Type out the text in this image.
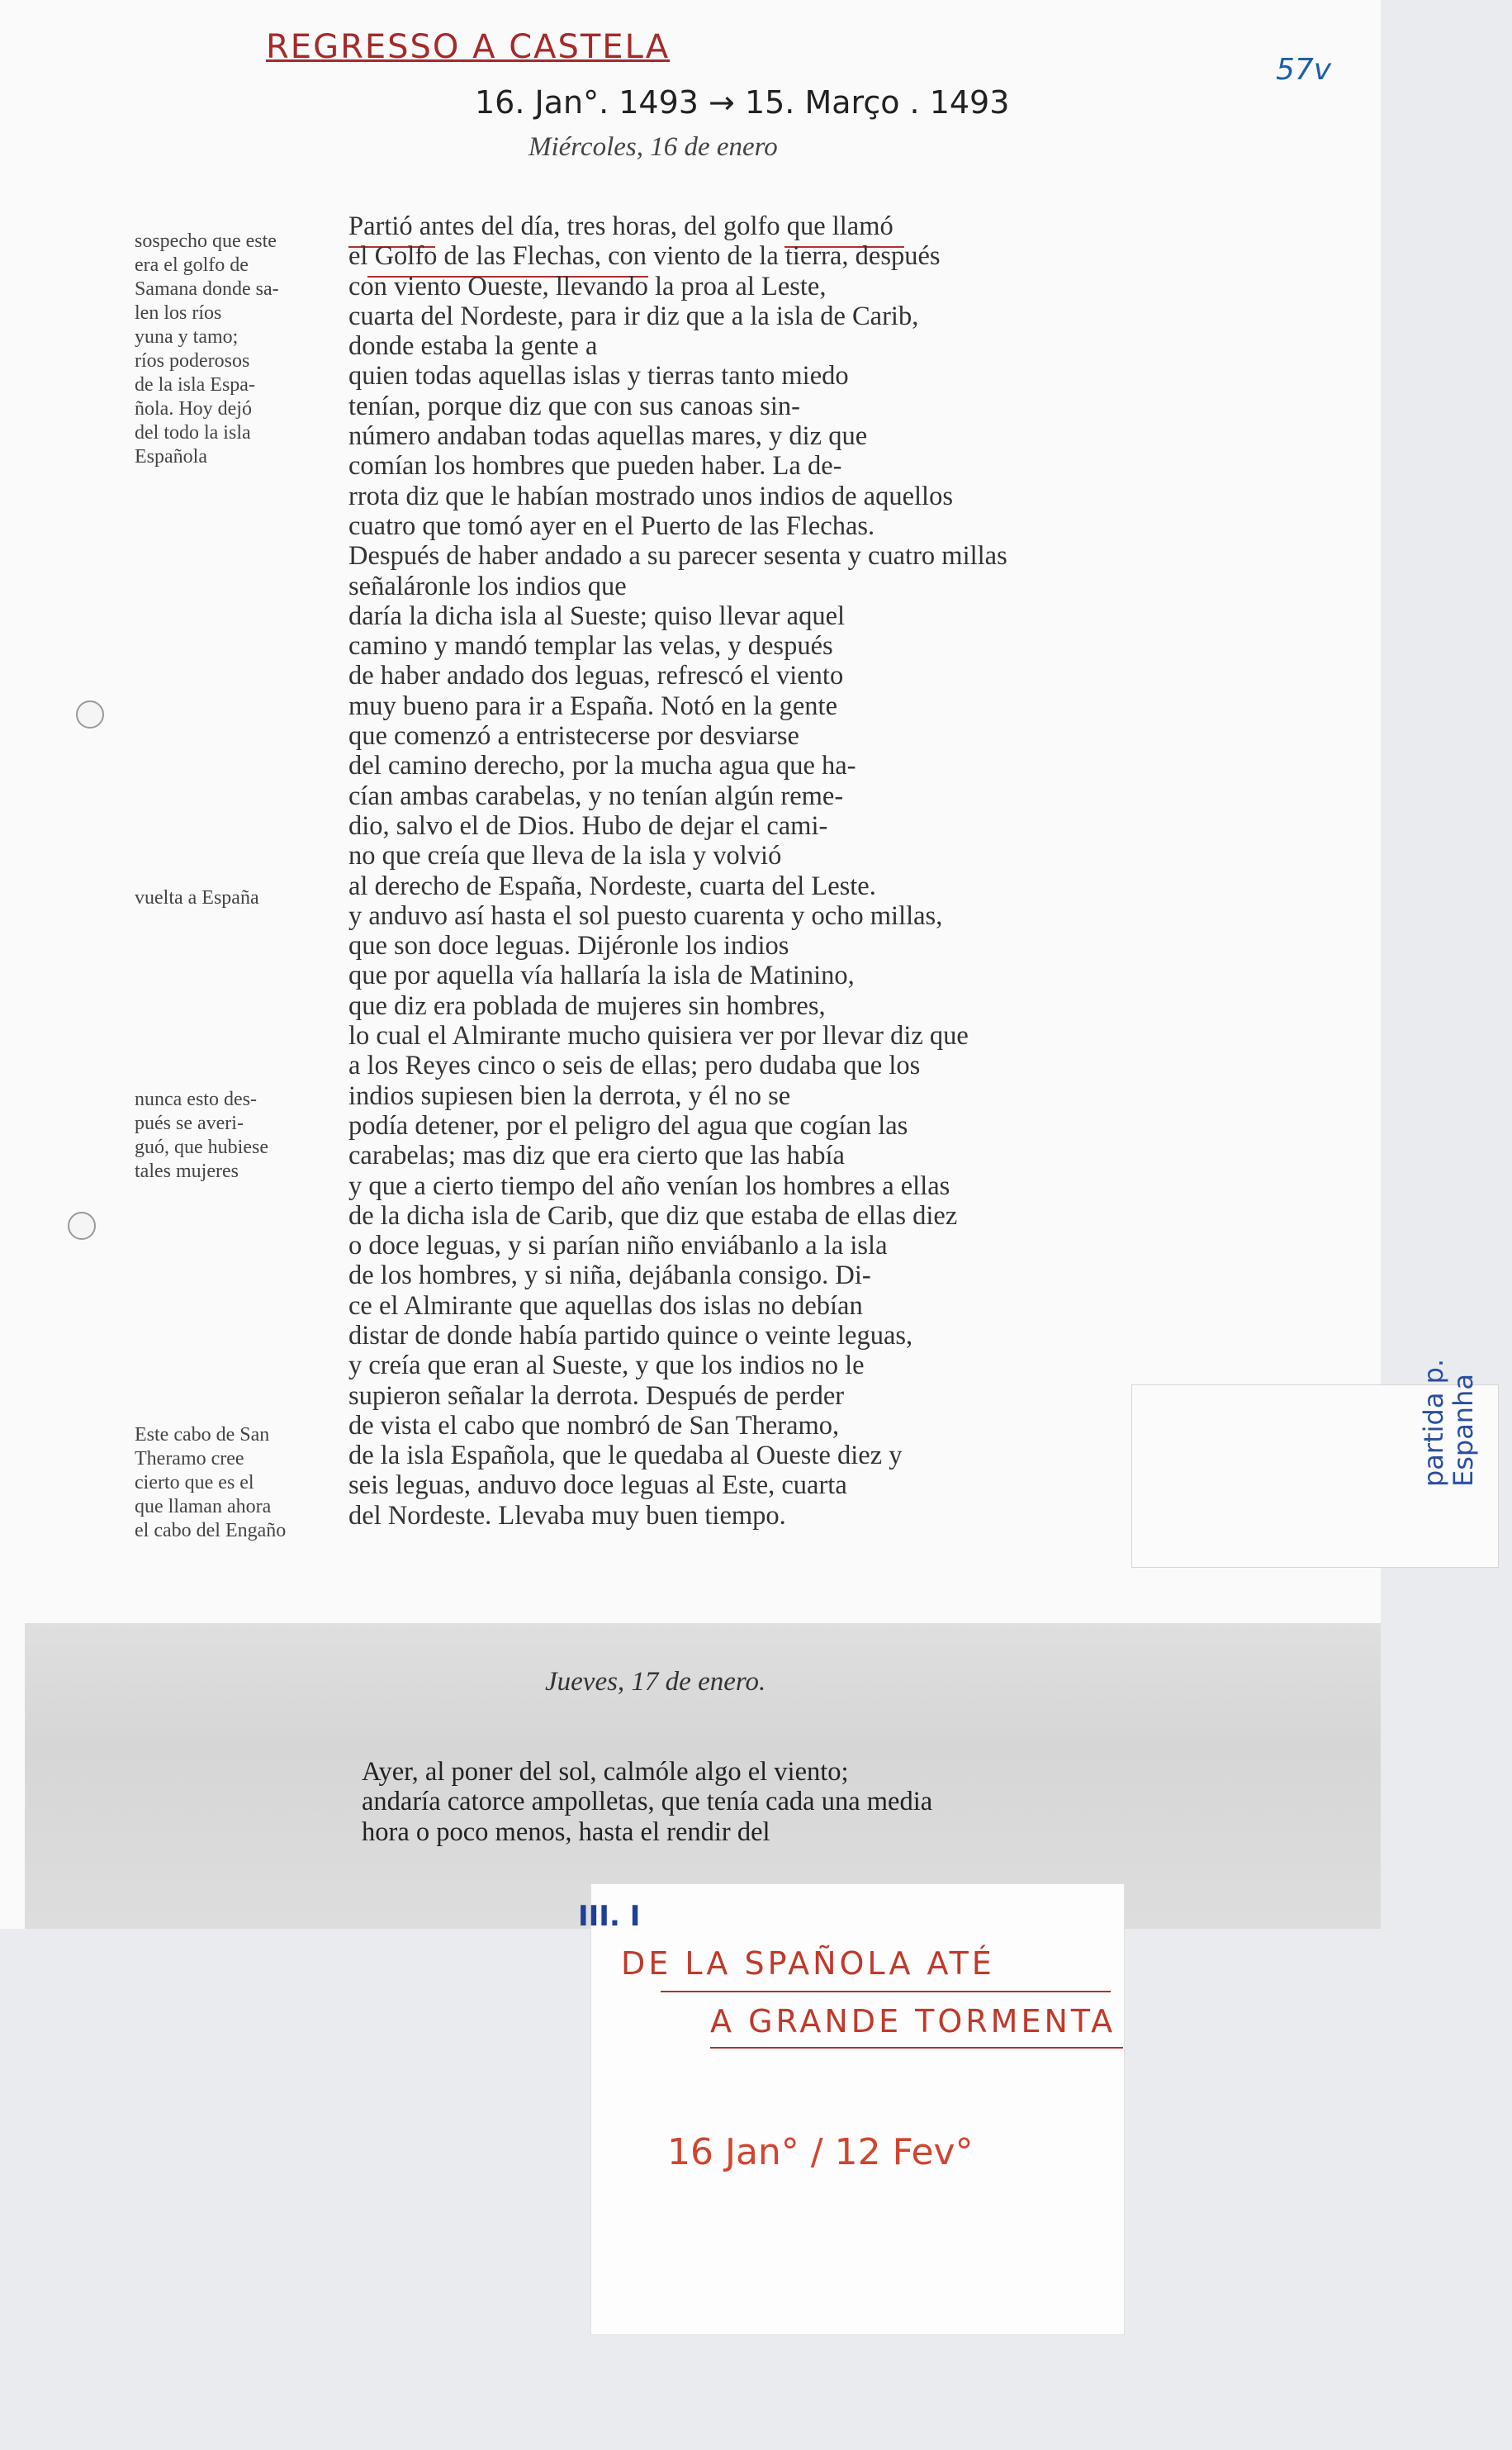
REGRESSO A CASTELA
16. Jan°. 1493 → 15. Março . 1493
57v
Miércoles, 16 de enero
Partió antes del día, tres horas, del golfo que llamó
el Golfo de las Flechas, con viento de la tierra, después
con viento Oueste, llevando la proa al Leste,
cuarta del Nordeste, para ir diz que a la isla de Carib,
donde estaba la gente a
quien todas aquellas islas y tierras tanto miedo
tenían, porque diz que con sus canoas sin-
número andaban todas aquellas mares, y diz que
comían los hombres que pueden haber. La de-
rrota diz que le habían mostrado unos indios de aquellos
cuatro que tomó ayer en el Puerto de las Flechas.
Después de haber andado a su parecer sesenta y cuatro millas
señaláronle los indios que
daría la dicha isla al Sueste; quiso llevar aquel
camino y mandó templar las velas, y después
de haber andado dos leguas, refrescó el viento
muy bueno para ir a España. Notó en la gente
que comenzó a entristecerse por desviarse
del camino derecho, por la mucha agua que ha-
cían ambas carabelas, y no tenían algún reme-
dio, salvo el de Dios. Hubo de dejar el cami-
no que creía que lleva de la isla y volvió
al derecho de España, Nordeste, cuarta del Leste.
y anduvo así hasta el sol puesto cuarenta y ocho millas,
que son doce leguas. Dijéronle los indios
que por aquella vía hallaría la isla de Matinino,
que diz era poblada de mujeres sin hombres,
lo cual el Almirante mucho quisiera ver por llevar diz que
a los Reyes cinco o seis de ellas; pero dudaba que los
indios supiesen bien la derrota, y él no se
podía detener, por el peligro del agua que cogían las
carabelas; mas diz que era cierto que las había
y que a cierto tiempo del año venían los hombres a ellas
de la dicha isla de Carib, que diz que estaba de ellas diez
o doce leguas, y si parían niño enviábanlo a la isla
de los hombres, y si niña, dejábanla consigo. Di-
ce el Almirante que aquellas dos islas no debían
distar de donde había partido quince o veinte leguas,
y creía que eran al Sueste, y que los indios no le
supieron señalar la derrota. Después de perder
de vista el cabo que nombró de San Theramo,
de la isla Española, que le quedaba al Oueste diez y
seis leguas, anduvo doce leguas al Este, cuarta
del Nordeste. Llevaba muy buen tiempo.
sospecho que este
era el golfo de
Samana donde sa-
len los ríos
yuna y tamo;
ríos poderosos
de la isla Espa-
ñola. Hoy dejó
del todo la isla
Española
vuelta a España
nunca esto des-
pués se averi-
guó, que hubiese
tales mujeres
Este cabo de San
Theramo cree
cierto que es el
que llaman ahora
el cabo del Engaño
Jueves, 17 de enero.
Ayer, al poner del sol, calmóle algo el viento;
andaría catorce ampolletas, que tenía cada una media
hora o poco menos, hasta el rendir del
partida p.
Espanha
III. I
DE LA SPAÑOLA ATÉ
A GRANDE TORMENTA
16 Jan° / 12 Fev°
